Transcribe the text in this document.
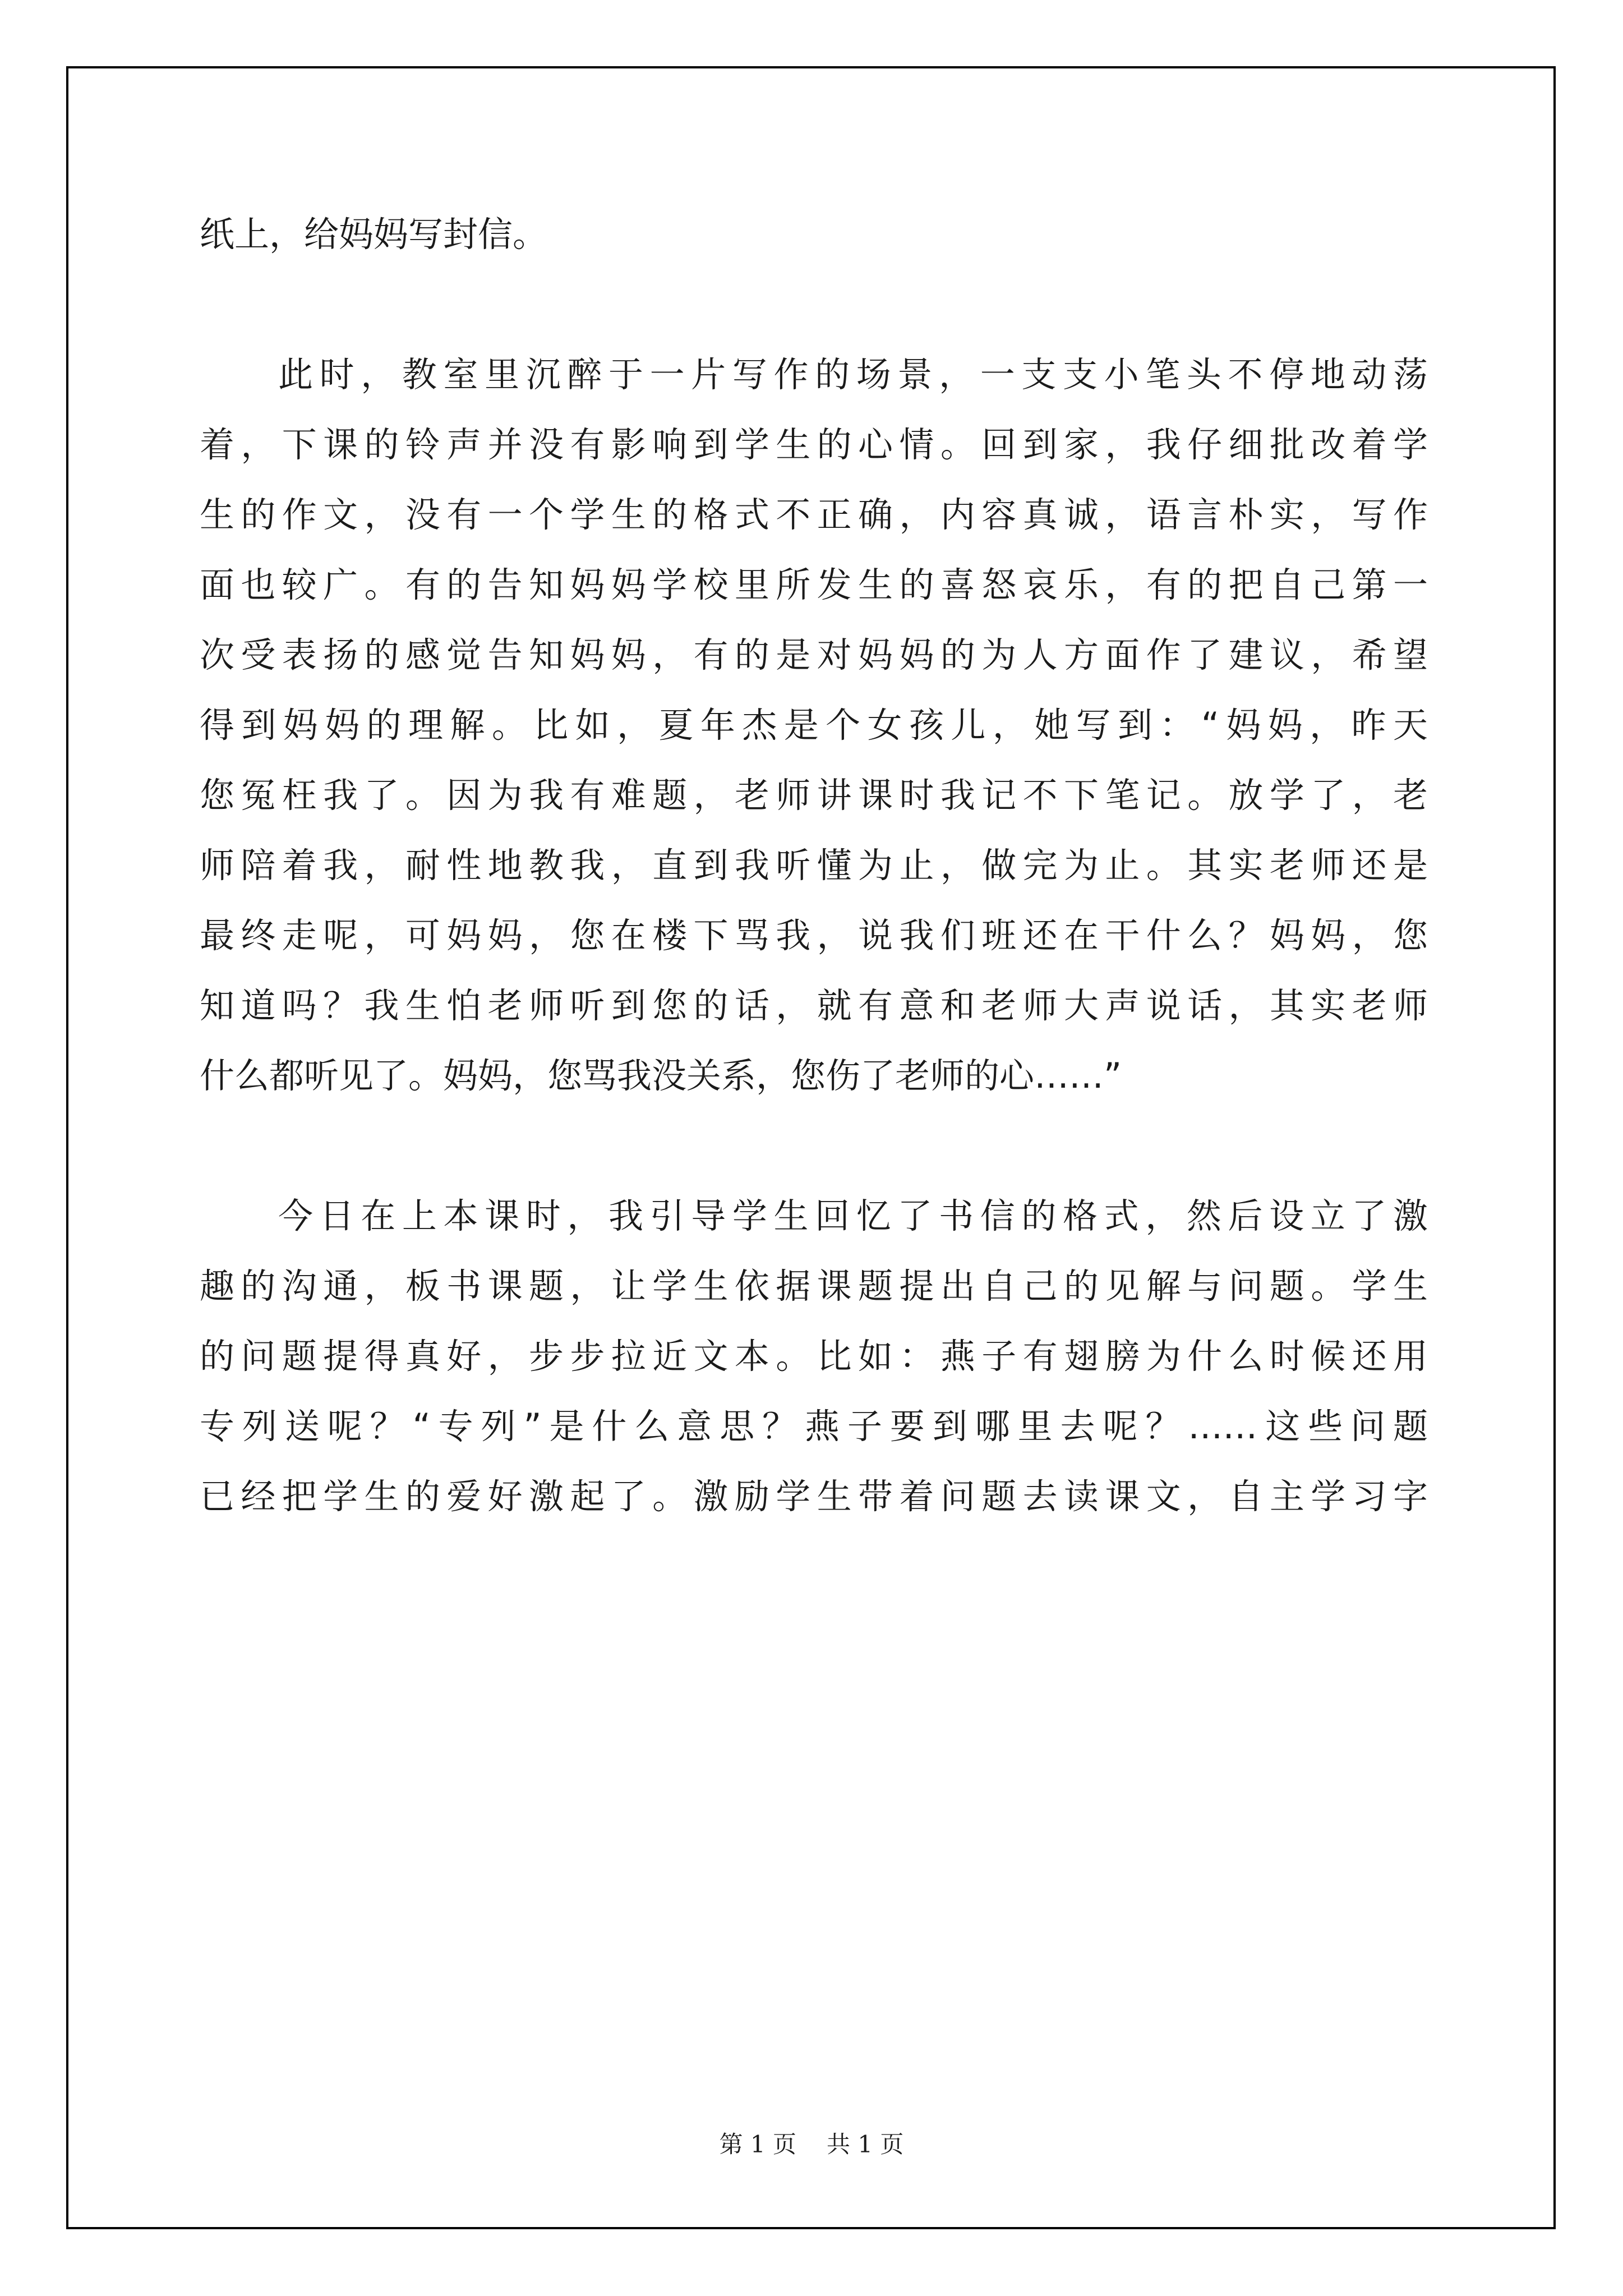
纸上，给妈妈写封信。

此时，教室里沉醉于一片写作的场景，一支支小笔头不停地动荡
着，下课的铃声并没有影响到学生的心情。回到家，我仔细批改着学
生的作文，没有一个学生的格式不正确，内容真诚，语言朴实，写作
面也较广。有的告知妈妈学校里所发生的喜怒哀乐，有的把自己第一
次受表扬的感觉告知妈妈，有的是对妈妈的为人方面作了建议，希望
得到妈妈的理解。比如，夏年杰是个女孩儿，她写到：“妈妈，昨天
您冤枉我了。因为我有难题，老师讲课时我记不下笔记。放学了，老
师陪着我，耐性地教我，直到我听懂为止，做完为止。其实老师还是
最终走呢，可妈妈，您在楼下骂我，说我们班还在干什么？妈妈，您
知道吗？我生怕老师听到您的话，就有意和老师大声说话，其实老师
什么都听见了。妈妈，您骂我没关系，您伤了老师的心……”

今日在上本课时，我引导学生回忆了书信的格式，然后设立了激
趣的沟通，板书课题，让学生依据课题提出自己的见解与问题。学生
的问题提得真好，步步拉近文本。比如：燕子有翅膀为什么时候还用
专列送呢？“专列”是什么意思？燕子要到哪里去呢？……这些问题
已经把学生的爱好激起了。激励学生带着问题去读课文，自主学习字

第 1 页 共 1 页
